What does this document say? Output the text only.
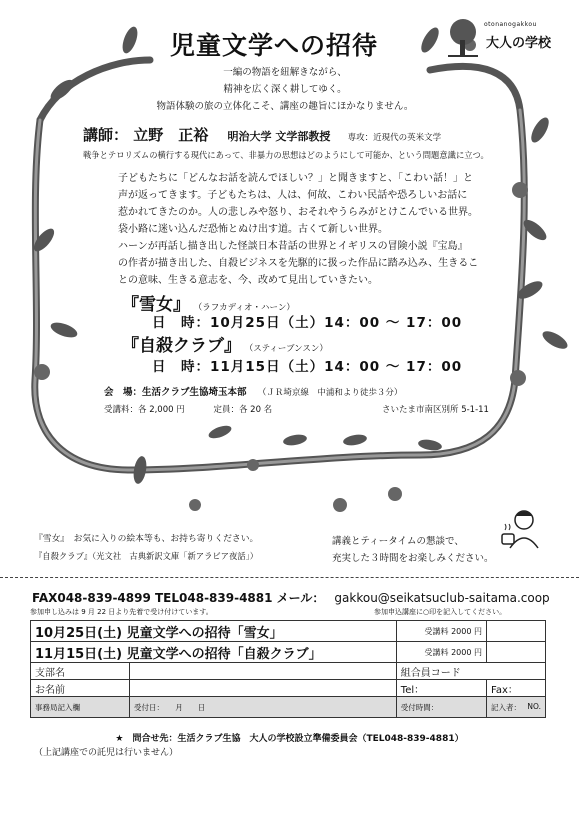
児童文学への招待
otonanogakkou
大人の学校
一編の物語を紐解きながら、
精神を広く深く耕してゆく。
物語体験の旅の立体化こそ、講座の趣旨にほかなりません。
講師： 立野　正裕 明治大学 文学部教授 専攻：近現代の英米文学
戦争とテロリズムの横行する現代にあって、非暴力の思想はどのようにして可能か、という問題意識に立つ。
子どもたちに「どんなお話を読んでほしい？」と聞きますと、「こわい話！」と
声が返ってきます。子どもたちは、人は、何故、こわい民話や恐ろしいお話に
惹かれてきたのか。人の悲しみや怒り、おそれやうらみがとけこんでいる世界。
袋小路に迷い込んだ恐怖とぬけ出す道。古くて新しい世界。
ハーンが再話し描き出した怪談日本昔話の世界とイギリスの冒険小説『宝島』
の作者が描き出した、自殺ビジネスを先駆的に扱った作品に踏み込み、生きるこ
との意味、生きる意志を、今、改めて見出していきたい。
『雪女』 （ラフカディオ・ハーン）
日　時：10月25日（土）14：00 ～ 17：00
『自殺クラブ』 （スティーブンスン）
日　時：11月15日（土）14：00 ～ 17：00
会　場：生活クラブ生協埼玉本部 （ＪＲ埼京線　中浦和より徒歩３分）
受講料：各 2,000 円	定員：各 20 名	さいたま市南区別所 5-1-11
『雪女』　お気に入りの絵本等も、お持ち寄りください。
『自殺クラブ』（光文社　古典新訳文庫「新アラビア夜話」）
講義とティータイムの懇談で、
充実した３時間をお楽しみください。
FAX048-839-4899 TEL048-839-4881 メール： gakkou@seikatsuclub-saitama.coop
参加申し込みは 9 月 22 日より先着で受け付けています。	参加申込講座に○印を記入してください。
10月25日(土) 児童文学への招待「雪女」		受講料 2000 円	
11月15日(土) 児童文学への招待「自殺クラブ」		受講料 2000 円	
支部名		組合員コード	
お名前		Tel：	Fax：
事務局記入欄	受付日：　　月　　日	受付時間：	記入者： NO.
★　問合せ先：生活クラブ生協　大人の学校設立準備委員会（TEL048-839-4881）
（上記講座での託児は行いません）
